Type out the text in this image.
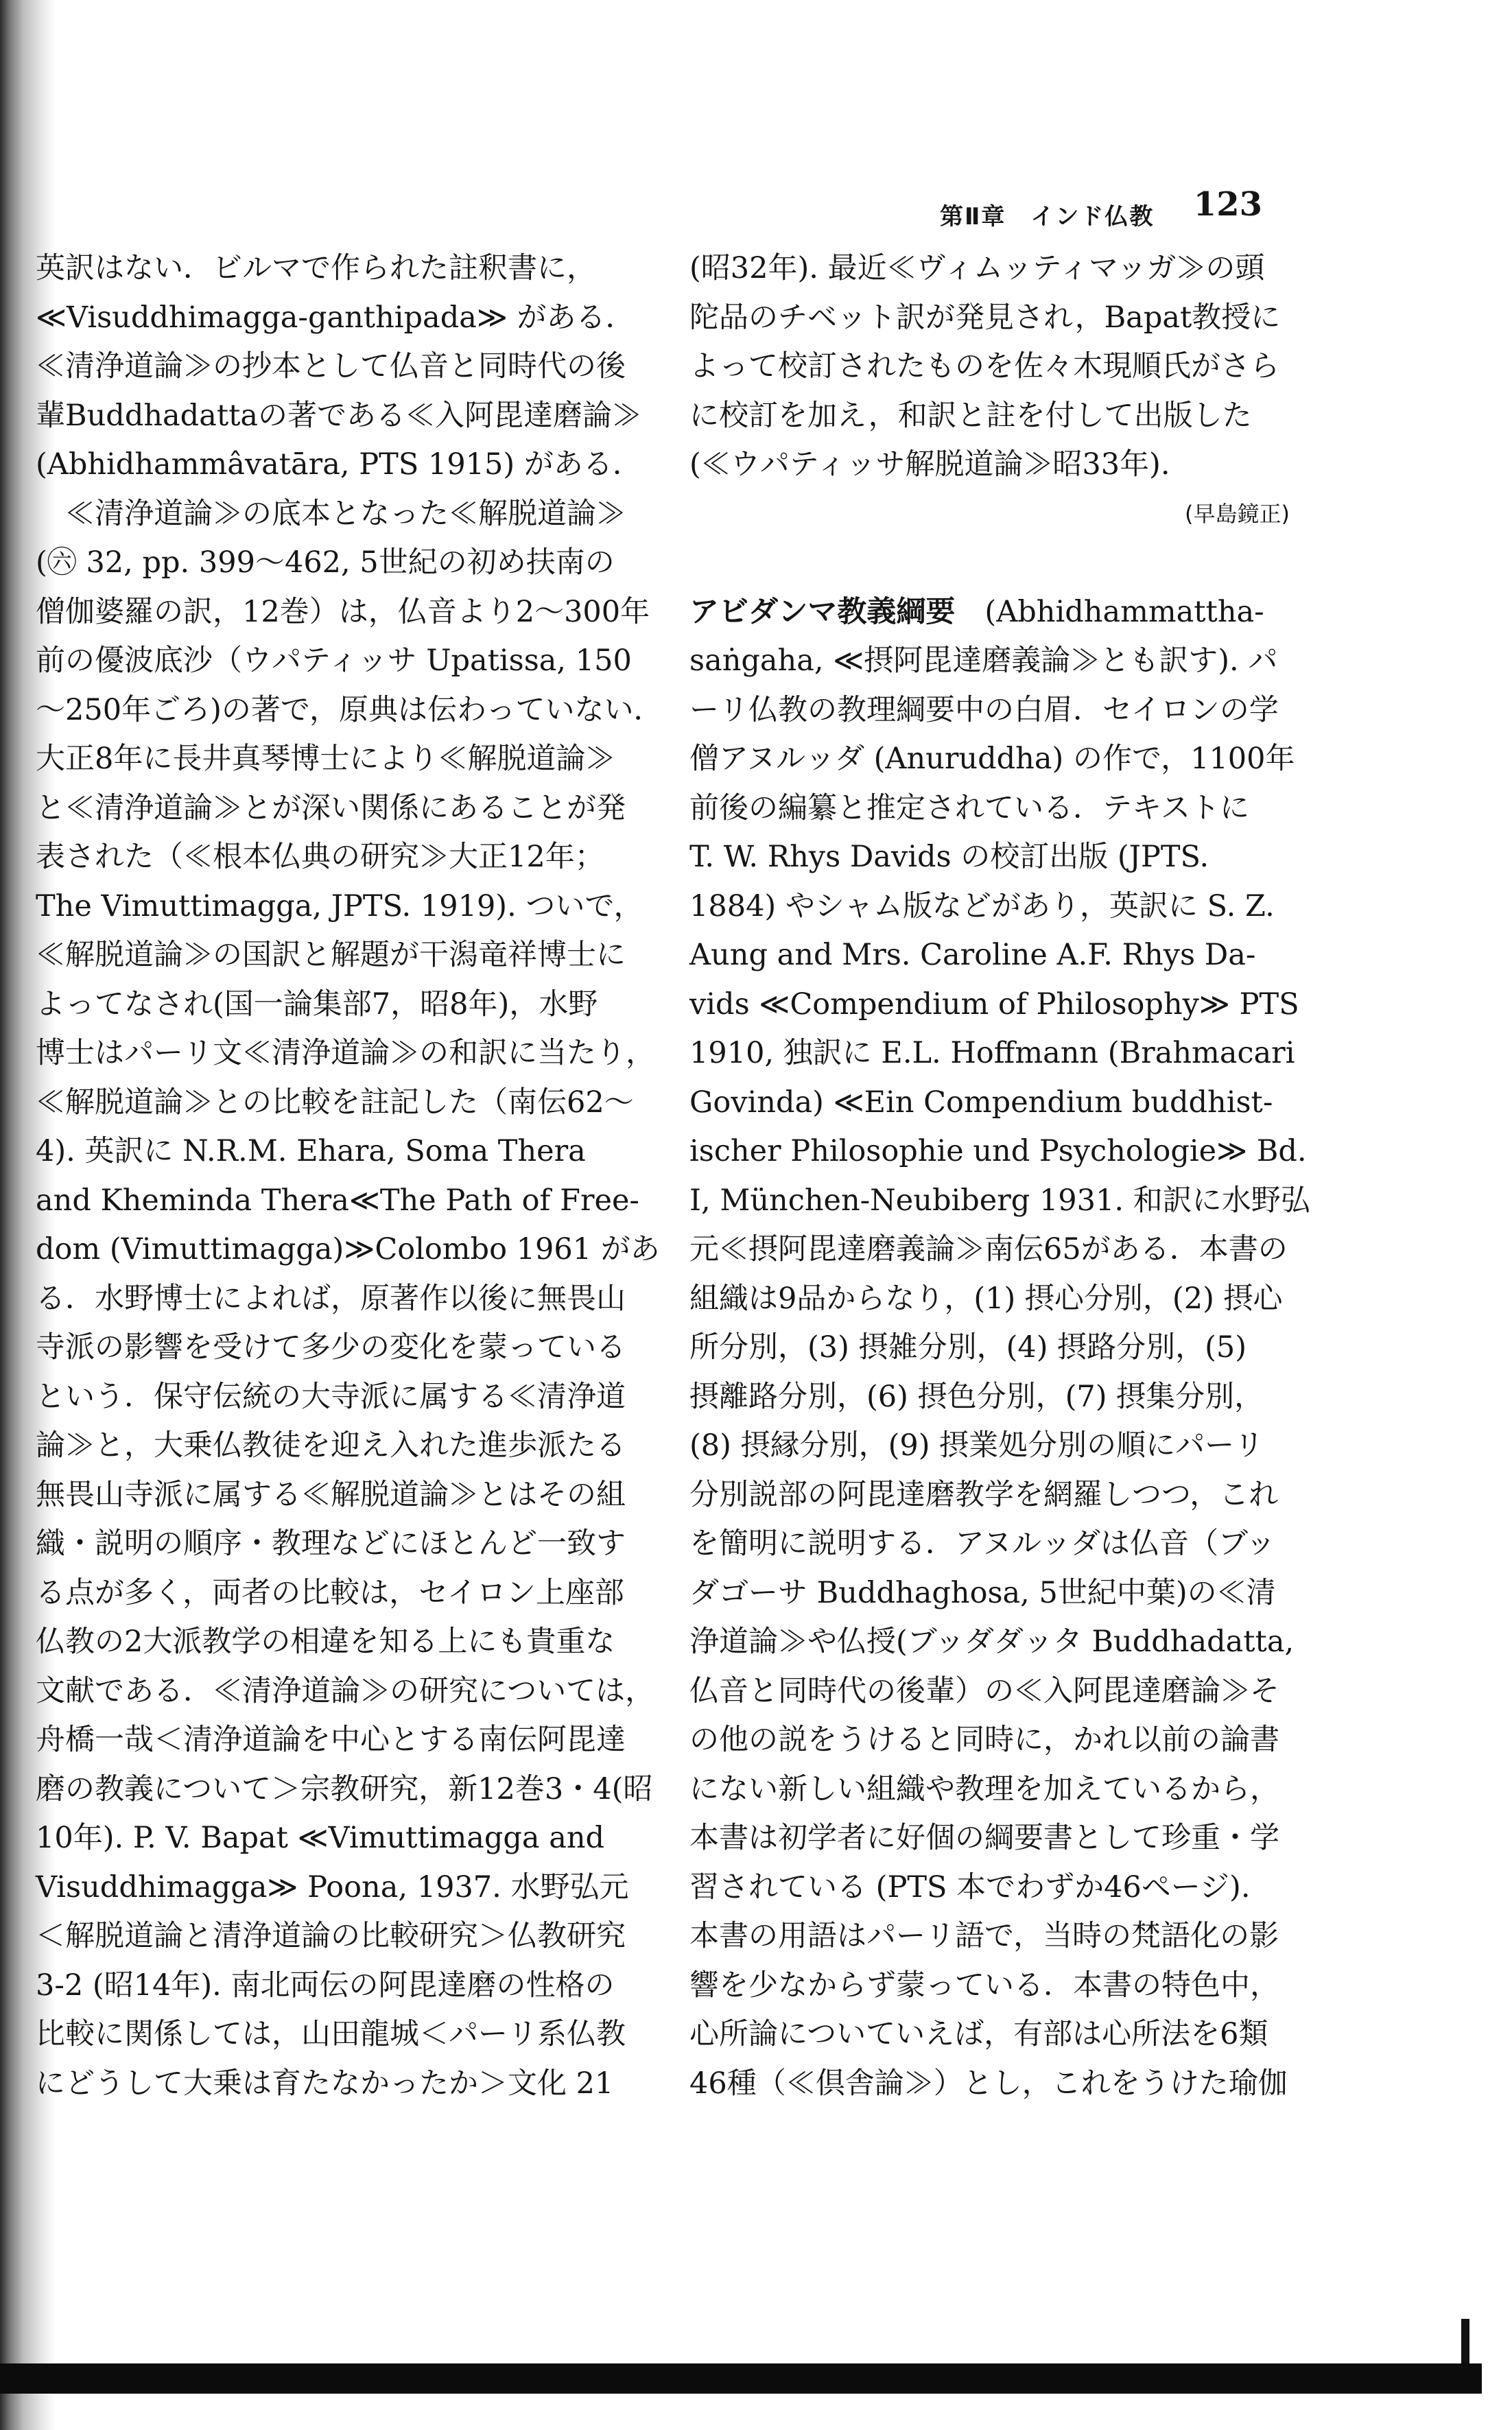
第Ⅱ章　インド仏教 123
英訳はない．ビルマで作られた註釈書に，
≪Visuddhimagga-ganthipada≫ がある．
≪清浄道論≫の抄本として仏音と同時代の後
輩Buddhadattaの著である≪入阿毘達磨論≫
(Abhidhammâvatāra, PTS 1915) がある．
　≪清浄道論≫の底本となった≪解脱道論≫
(㊅ 32, pp. 399～462, 5世紀の初め扶南の
僧伽婆羅の訳，12巻）は，仏音より2～300年
前の優波底沙（ウパティッサ Upatissa, 150
～250年ごろ)の著で，原典は伝わっていない．
大正8年に長井真琴博士により≪解脱道論≫
と≪清浄道論≫とが深い関係にあることが発
表された（≪根本仏典の研究≫大正12年；
The Vimuttimagga, JPTS. 1919). ついで，
≪解脱道論≫の国訳と解題が干潟竜祥博士に
よってなされ(国一論集部7，昭8年)，水野
博士はパーリ文≪清浄道論≫の和訳に当たり，
≪解脱道論≫との比較を註記した（南伝62～
4). 英訳に N.R.M. Ehara, Soma Thera
and Kheminda Thera≪The Path of Free-
dom (Vimuttimagga)≫Colombo 1961 があ
る．水野博士によれば，原著作以後に無畏山
寺派の影響を受けて多少の変化を蒙っている
という．保守伝統の大寺派に属する≪清浄道
論≫と，大乗仏教徒を迎え入れた進歩派たる
無畏山寺派に属する≪解脱道論≫とはその組
織・説明の順序・教理などにほとんど一致す
る点が多く，両者の比較は，セイロン上座部
仏教の2大派教学の相違を知る上にも貴重な
文献である．≪清浄道論≫の研究については，
舟橋一哉＜清浄道論を中心とする南伝阿毘達
磨の教義について＞宗教研究，新12巻3・4(昭
10年). P. V. Bapat ≪Vimuttimagga and
Visuddhimagga≫ Poona, 1937. 水野弘元
＜解脱道論と清浄道論の比較研究＞仏教研究
3-2 (昭14年). 南北両伝の阿毘達磨の性格の
比較に関係しては，山田龍城＜パーリ系仏教
にどうして大乗は育たなかったか＞文化 21
(昭32年). 最近≪ヴィムッティマッガ≫の頭
陀品のチベット訳が発見され，Bapat教授に
よって校訂されたものを佐々木現順氏がさら
に校訂を加え，和訳と註を付して出版した
(≪ウパティッサ解脱道論≫昭33年).
(早島鏡正)
アビダンマ教義綱要　(Abhidhammattha-
saṅgaha, ≪摂阿毘達磨義論≫とも訳す). パ
ーリ仏教の教理綱要中の白眉．セイロンの学
僧アヌルッダ (Anuruddha) の作で，1100年
前後の編纂と推定されている．テキストに
T. W. Rhys Davids の校訂出版 (JPTS.
1884) やシャム版などがあり，英訳に S. Z.
Aung and Mrs. Caroline A.F. Rhys Da-
vids ≪Compendium of Philosophy≫ PTS
1910, 独訳に E.L. Hoffmann (Brahmacari
Govinda) ≪Ein Compendium buddhist-
ischer Philosophie und Psychologie≫ Bd.
I, München-Neubiberg 1931. 和訳に水野弘
元≪摂阿毘達磨義論≫南伝65がある．本書の
組織は9品からなり，(1) 摂心分別，(2) 摂心
所分別，(3) 摂雑分別，(4) 摂路分別，(5)
摂離路分別，(6) 摂色分別，(7) 摂集分別，
(8) 摂縁分別，(9) 摂業処分別の順にパーリ
分別説部の阿毘達磨教学を網羅しつつ，これ
を簡明に説明する．アヌルッダは仏音（ブッ
ダゴーサ Buddhaghosa, 5世紀中葉)の≪清
浄道論≫や仏授(ブッダダッタ Buddhadatta,
仏音と同時代の後輩）の≪入阿毘達磨論≫そ
の他の説をうけると同時に，かれ以前の論書
にない新しい組織や教理を加えているから，
本書は初学者に好個の綱要書として珍重・学
習されている (PTS 本でわずか46ページ).
本書の用語はパーリ語で，当時の梵語化の影
響を少なからず蒙っている．本書の特色中，
心所論についていえば，有部は心所法を6類
46種（≪倶舎論≫）とし，これをうけた瑜伽
